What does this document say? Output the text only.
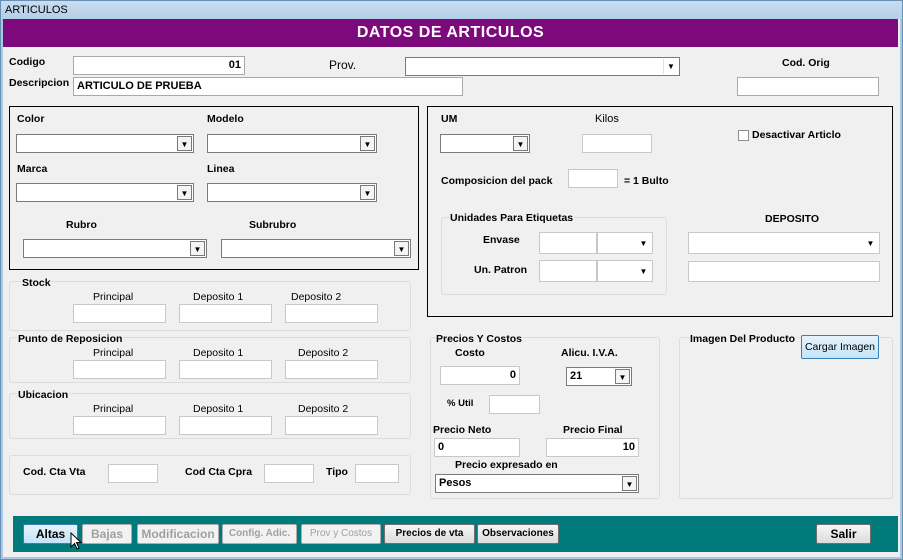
ARTICULOS
DATOS DE ARTICULOS
Codigo	01	Prov.	▼	Cod. Orig
Descripcion ARTICULO DE PRUEBA
Color	Modelo
▼	▼
Marca	Linea
▼	▼
Rubro	Subrubro
▼	▼
Stock
Principal	Deposito 1	Deposito 2
Punto de Reposicion
Principal	Deposito 1	Deposito 2
Ubicacion
Principal	Deposito 1	Deposito 2
Cod. Cta Vta	Cod Cta Cpra	Tipo
UM	Kilos
▼
Desactivar Articlo
Composicion del pack	= 1 Bulto
Unidades Para Etiquetas
Envase	▼
Un. Patron	▼
DEPOSITO
▼
Precios Y Costos
Costo	Alicu. I.V.A.
0	21	▼
% Util
Precio Neto	Precio Final
0	10
Precio expresado en
Pesos	▼
Imagen Del Producto
Cargar Imagen
Altas	Bajas	Modificacion	Config. Adic.	Prov y Costos	Precios de vta	Observaciones	Salir
